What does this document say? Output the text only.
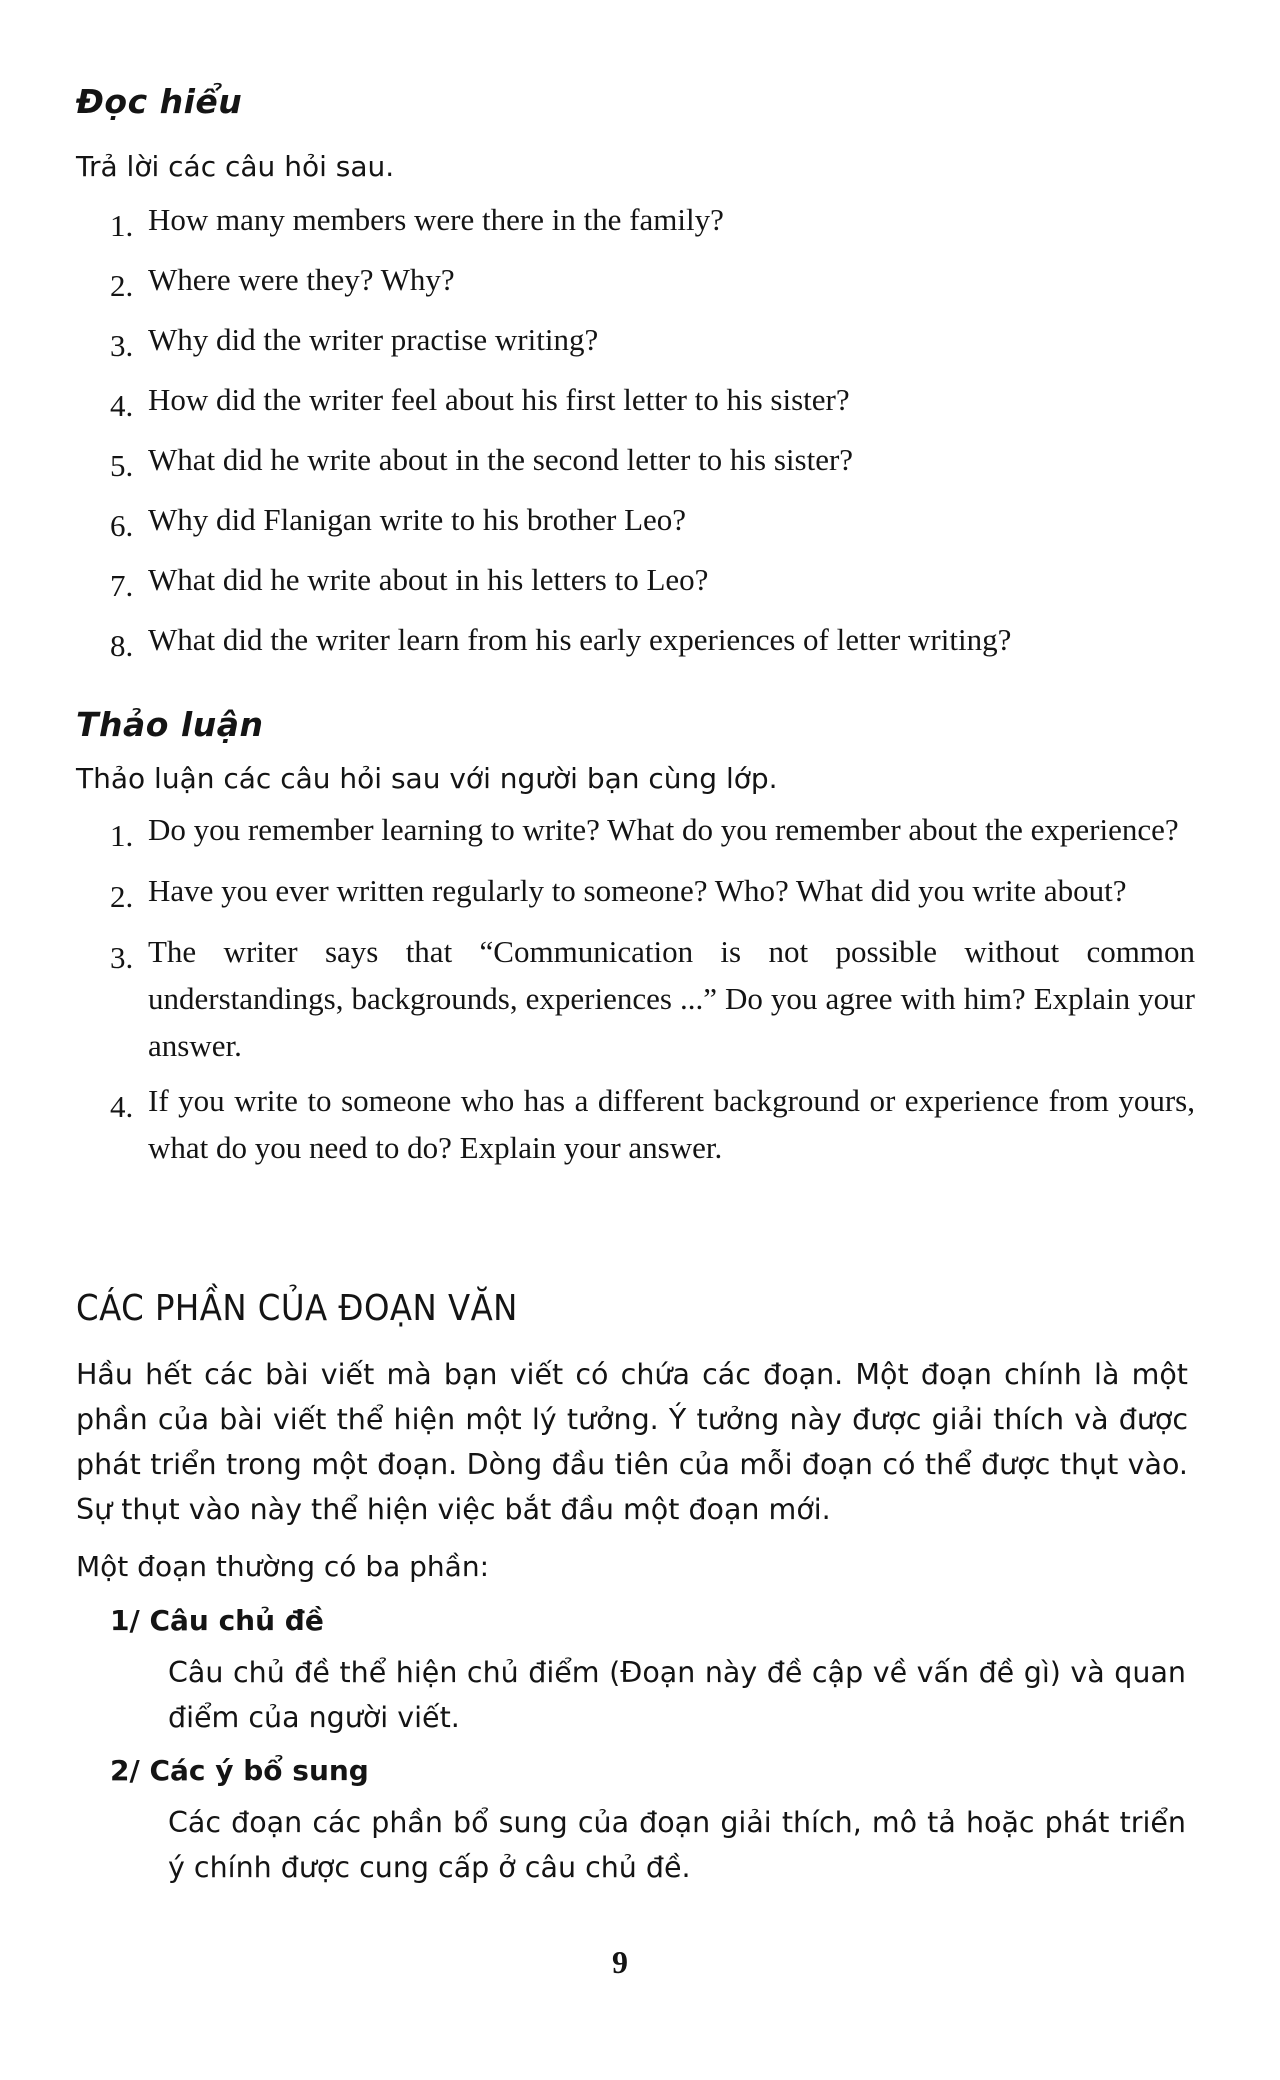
Đọc hiểu

Trả lời các câu hỏi sau.

1. How many members were there in the family?
2. Where were they? Why?
3. Why did the writer practise writing?
4. How did the writer feel about his first letter to his sister?
5. What did he write about in the second letter to his sister?
6. Why did Flanigan write to his brother Leo?
7. What did he write about in his letters to Leo?
8. What did the writer learn from his early experiences of letter writing?
Thảo luận

Thảo luận các câu hỏi sau với người bạn cùng lớp.

1. Do you remember learning to write? What do you remember about the experience?
2. Have you ever written regularly to someone? Who? What did you write about?
3. The writer says that “Communication is not possible without common understandings, backgrounds, experiences ...” Do you agree with him? Explain your answer.
4. If you write to someone who has a different background or experience from yours, what do you need to do? Explain your answer.
CÁC PHẦN CỦA ĐOẠN VĂN

Hầu hết các bài viết mà bạn viết có chứa các đoạn. Một đoạn chính là một phần của bài viết thể hiện một lý tưởng. Ý tưởng này được giải thích và được phát triển trong một đoạn. Dòng đầu tiên của mỗi đoạn có thể được thụt vào. Sự thụt vào này thể hiện việc bắt đầu một đoạn mới.

Một đoạn thường có ba phần:

1/ Câu chủ đề

Câu chủ đề thể hiện chủ điểm (Đoạn này đề cập về vấn đề gì) và quan điểm của người viết.

2/ Các ý bổ sung

Các đoạn các phần bổ sung của đoạn giải thích, mô tả hoặc phát triển ý chính được cung cấp ở câu chủ đề.

9
